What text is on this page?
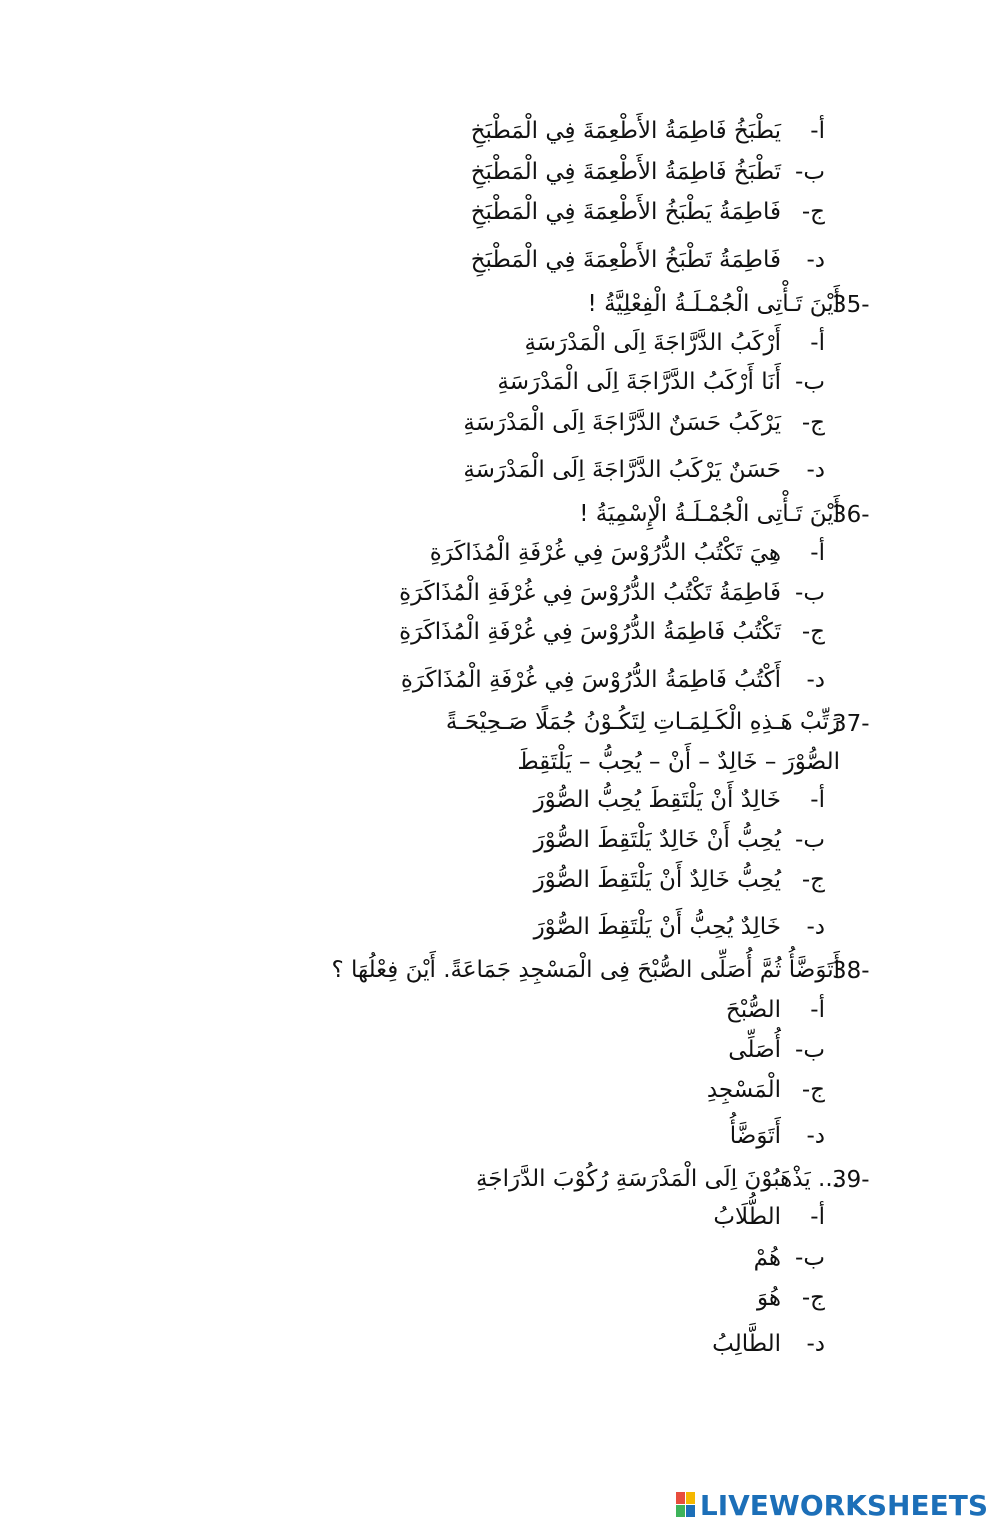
أ-يَطْبَخُ فَاطِمَةُ الأَطْعِمَةَ فِي الْمَطْبَخِ
ب-تَطْبَخُ فَاطِمَةُ الأَطْعِمَةَ فِي الْمَطْبَخِ
ج-فَاطِمَةُ يَطْبَخُ الأَطْعِمَةَ فِي الْمَطْبَخِ
د-فَاطِمَةُ تَطْبَخُ الأَطْعِمَةَ فِي الْمَطْبَخِ
35-
أَيْنَ تَـأْتِى الْجُمْـلَـةُ الْفِعْلِيَّةُ !
أ-أَرْكَبُ الدَّرَّاجَةَ اِلَى الْمَدْرَسَةِ
ب-أَنَا أَرْكَبُ الدَّرَّاجَةَ اِلَى الْمَدْرَسَةِ
ج-يَرْكَبُ حَسَنٌ الدَّرَّاجَةَ اِلَى الْمَدْرَسَةِ
د-حَسَنٌ يَرْكَبُ الدَّرَّاجَةَ اِلَى الْمَدْرَسَةِ
36-
أَيْنَ تَـأْتِى الْجُمْـلَـةُ الْإِسْمِيَةُ !
أ-هِيَ تَكْتُبُ الدُّرُوْسَ فِي غُرْفَةِ الْمُذَاكَرَةِ
ب-فَاطِمَةُ تَكْتُبُ الدُّرُوْسَ فِي غُرْفَةِ الْمُذَاكَرَةِ
ج-تَكْتُبُ فَاطِمَةُ الدُّرُوْسَ فِي غُرْفَةِ الْمُذَاكَرَةِ
د-أَكْتُبُ فَاطِمَةُ الدُّرُوْسَ فِي غُرْفَةِ الْمُذَاكَرَةِ
37-
رَتِّبْ هَـذِهِ الْكَـلِمَـاتِ لِتَكُـوْنُ جُمَلًا صَـحِيْحَـةً
الصُّوْرَ – خَالِدٌ – أَنْ – يُحِبُّ – يَلْتَقِطَ
أ-خَالِدٌ أَنْ يَلْتَقِطَ يُحِبُّ الصُّوْرَ
ب-يُحِبُّ أَنْ خَالِدٌ يَلْتَقِطَ الصُّوْرَ
ج-يُحِبُّ خَالِدٌ أَنْ يَلْتَقِطَ الصُّوْرَ
د-خَالِدٌ يُحِبُّ أَنْ يَلْتَقِطَ الصُّوْرَ
38-
أَتَوَضَّأُ ثُمَّ أُصَلِّى الصُّبْحَ فِى الْمَسْجِدِ جَمَاعَةً. أَيْنَ فِعْلُهَا ؟
أ-الصُّبْحَ
ب-أُصَلِّى
ج-الْمَسْجِدِ
د-أَتَوَضَّأُ
39-
... يَذْهَبُوْنَ اِلَى الْمَدْرَسَةِ رُكُوْبَ الدَّرَاجَةِ
أ-الطُّلَابُ
ب-هُمْ
ج-هُوَ
د-الطَّالِبُ
LIVEWORKSHEETS
